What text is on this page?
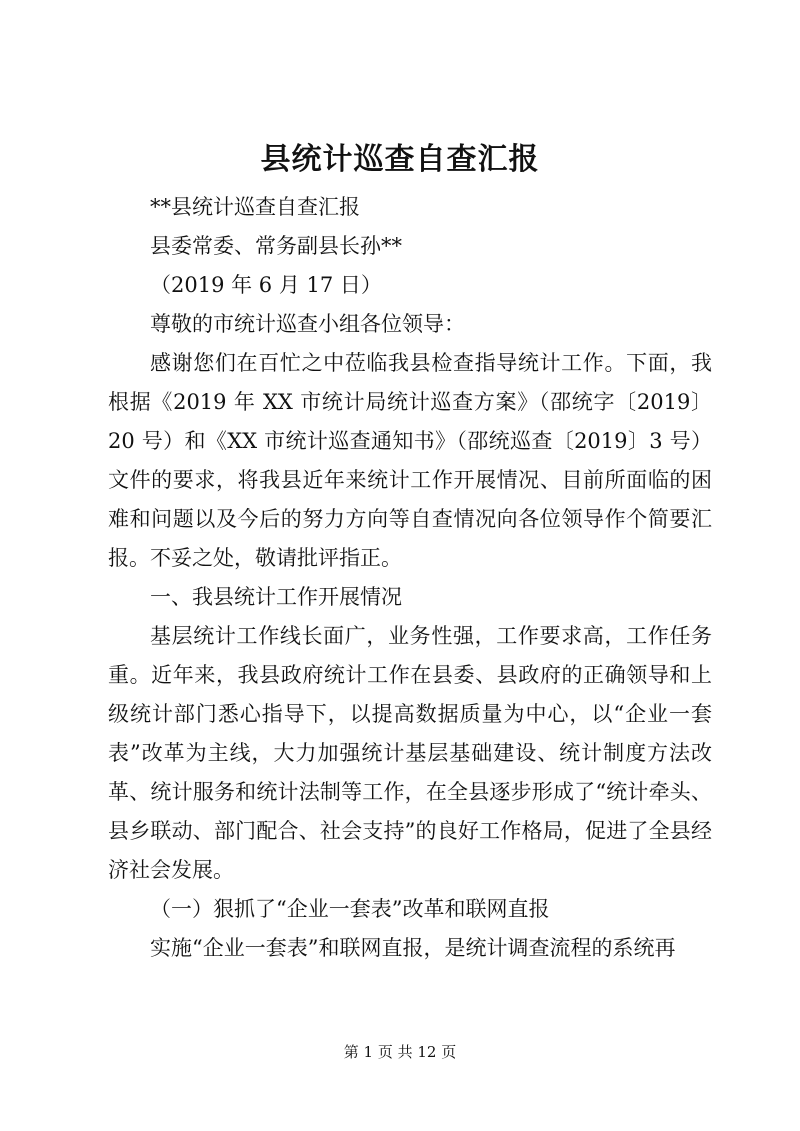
县统计巡查自查汇报

**县统计巡查自查汇报

县委常委、常务副县长孙**

（2019 年 6 月 17 日）

尊敬的市统计巡查小组各位领导：

感谢您们在百忙之中莅临我县检查指导统计工作。下面，我根据《2019 年 XX 市统计局统计巡查方案》（邵统字〔2019〕20 号）和《XX 市统计巡查通知书》（邵统巡查〔2019〕3 号）文件的要求，将我县近年来统计工作开展情况、目前所面临的困难和问题以及今后的努力方向等自查情况向各位领导作个简要汇报。不妥之处，敬请批评指正。

一、我县统计工作开展情况

基层统计工作线长面广，业务性强，工作要求高，工作任务重。近年来，我县政府统计工作在县委、县政府的正确领导和上级统计部门悉心指导下，以提高数据质量为中心，以“企业一套表”改革为主线，大力加强统计基层基础建设、统计制度方法改革、统计服务和统计法制等工作，在全县逐步形成了“统计牵头、县乡联动、部门配合、社会支持”的良好工作格局，促进了全县经济社会发展。

（一）狠抓了“企业一套表”改革和联网直报

实施“企业一套表”和联网直报，是统计调查流程的系统再

第 1 页 共 12 页
